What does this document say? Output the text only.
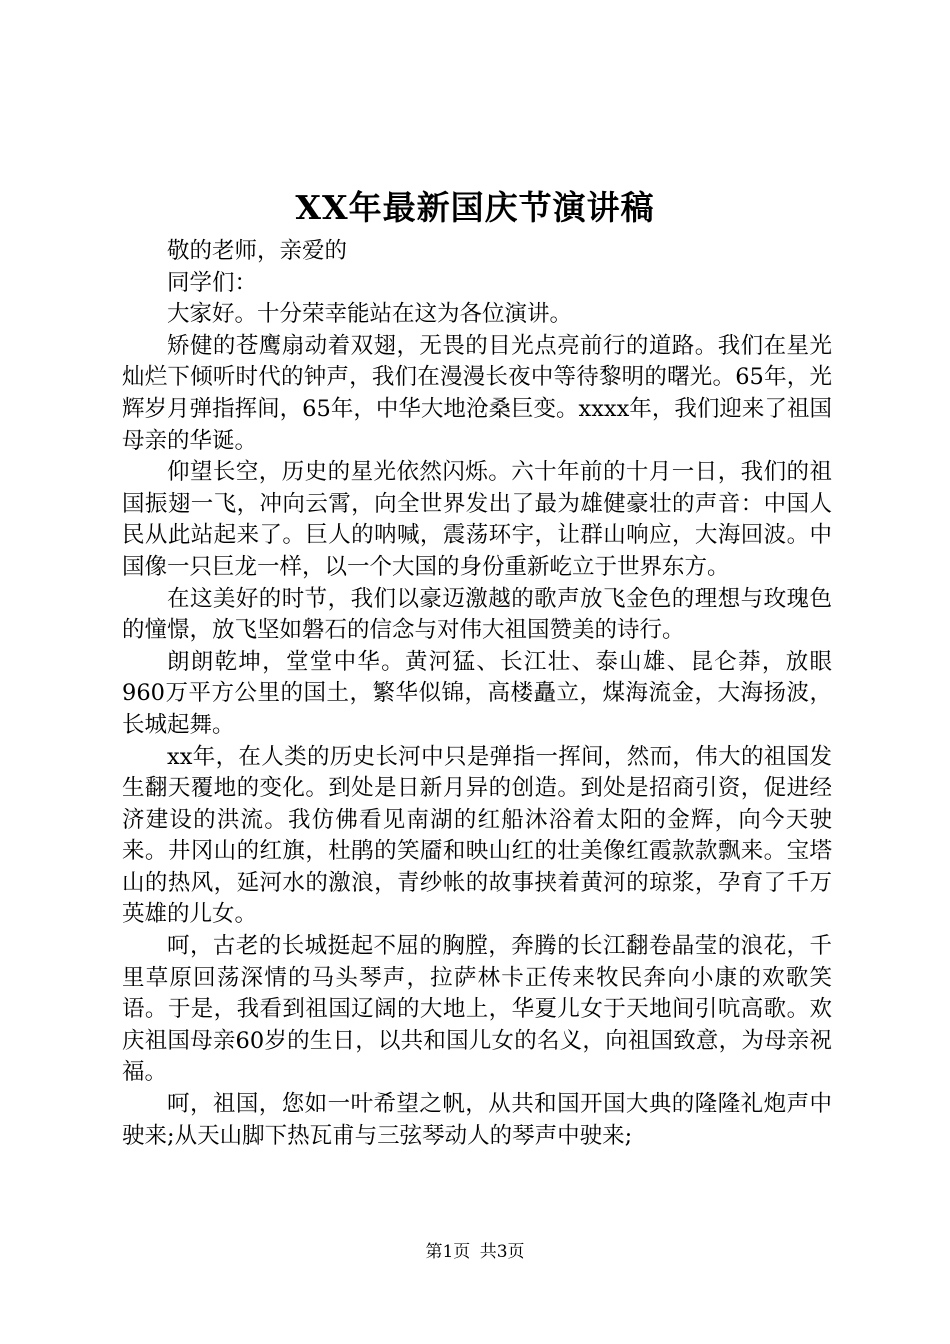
XX年最新国庆节演讲稿

敬的老师，亲爱的

同学们：

大家好。十分荣幸能站在这为各位演讲。

矫健的苍鹰扇动着双翅，无畏的目光点亮前行的道路。我们在星光灿烂下倾听时代的钟声，我们在漫漫长夜中等待黎明的曙光。65年，光辉岁月弹指挥间，65年，中华大地沧桑巨变。xxxx年，我们迎来了祖国母亲的华诞。

仰望长空，历史的星光依然闪烁。六十年前的十月一日，我们的祖国振翅一飞，冲向云霄，向全世界发出了最为雄健豪壮的声音：中国人民从此站起来了。巨人的呐喊，震荡环宇，让群山响应，大海回波。中国像一只巨龙一样，以一个大国的身份重新屹立于世界东方。

在这美好的时节，我们以豪迈激越的歌声放飞金色的理想与玫瑰色的憧憬，放飞坚如磐石的信念与对伟大祖国赞美的诗行。

朗朗乾坤，堂堂中华。黄河猛、长江壮、泰山雄、昆仑莽，放眼960万平方公里的国土，繁华似锦，高楼矗立，煤海流金，大海扬波，长城起舞。

xx年，在人类的历史长河中只是弹指一挥间，然而，伟大的祖国发生翻天覆地的变化。到处是日新月异的创造。到处是招商引资，促进经济建设的洪流。我仿佛看见南湖的红船沐浴着太阳的金辉，向今天驶来。井冈山的红旗，杜鹃的笑靥和映山红的壮美像红霞款款飘来。宝塔山的热风，延河水的激浪，青纱帐的故事挟着黄河的琼浆，孕育了千万英雄的儿女。

呵，古老的长城挺起不屈的胸膛，奔腾的长江翻卷晶莹的浪花，千里草原回荡深情的马头琴声，拉萨林卡正传来牧民奔向小康的欢歌笑语。于是，我看到祖国辽阔的大地上，华夏儿女于天地间引吭高歌。欢庆祖国母亲60岁的生日，以共和国儿女的名义，向祖国致意，为母亲祝福。

呵，祖国，您如一叶希望之帆，从共和国开国大典的隆隆礼炮声中驶来;从天山脚下热瓦甫与三弦琴动人的琴声中驶来;

第1页 共3页
